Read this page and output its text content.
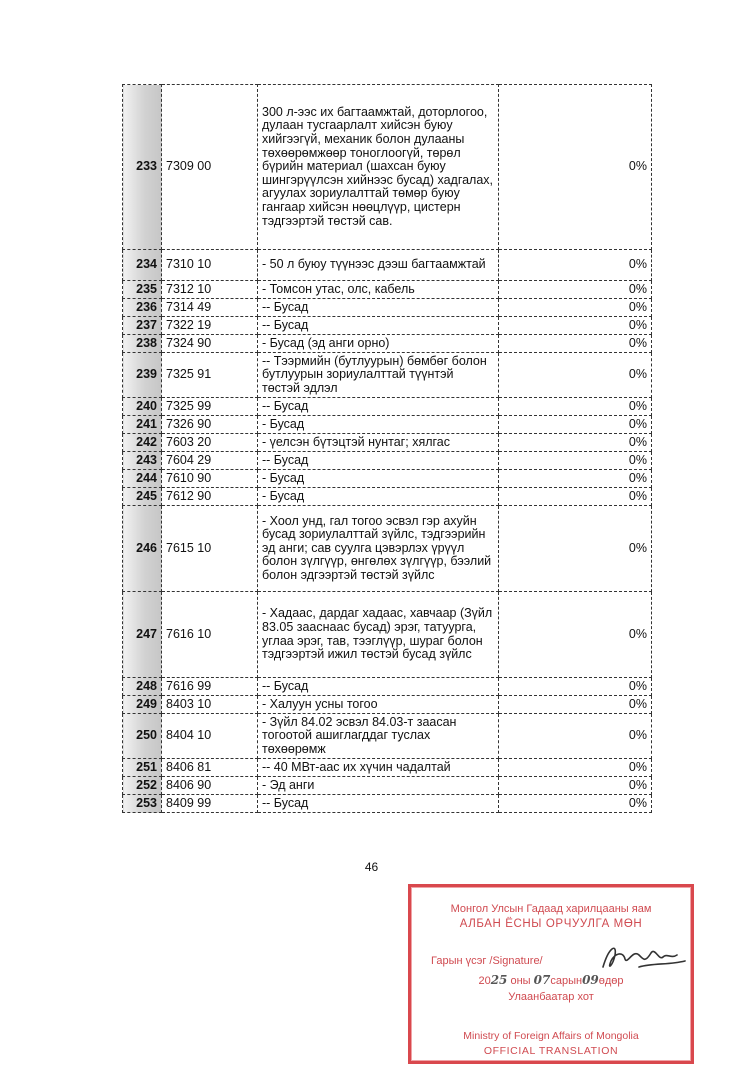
233	7309 00	300 л-ээс их багтаамжтай, доторлогоо, дулаан тусгаарлалт хийсэн буюу хийгээгүй, механик болон дулааны төхөөрөмжөөр тоноглоогүй, төрөл бүрийн материал (шахсан буюу шингэрүүлсэн хийнээс бусад) хадгалах, агуулах зориулалттай төмөр буюу гангаар хийсэн нөөцлүүр, цистерн тэдгээртэй төстэй сав.	0%
234	7310 10	- 50 л буюу түүнээс дээш багтаамжтай	0%
235	7312 10	- Томсон утас, олс, кабель	0%
236	7314 49	-- Бусад	0%
237	7322 19	-- Бусад	0%
238	7324 90	- Бусад (эд анги орно)	0%
239	7325 91	-- Тээрмийн (бутлуурын) бөмбөг болон бутлуурын зориулалттай түүнтэй төстэй эдлэл	0%
240	7325 99	-- Бусад	0%
241	7326 90	- Бусад	0%
242	7603 20	- үелсэн бүтэцтэй нунтаг; хялгас	0%
243	7604 29	-- Бусад	0%
244	7610 90	- Бусад	0%
245	7612 90	- Бусад	0%
246	7615 10	- Хоол унд, гал тогоо эсвэл гэр ахуйн бусад зориулалттай зүйлс, тэдгээрийн эд анги; сав суулга цэвэрлэх үрүүл болон зүлгүүр, өнгөлөх зүлгүүр, бээлий болон эдгээртэй төстэй зүйлс	0%
247	7616 10	- Хадаас, дардаг хадаас, хавчаар (Зүйл 83.05 зааснаас бусад) эрэг, татуурга, углаа эрэг, тав, тээглүүр, шураг болон тэдгээртэй ижил төстэй бусад зүйлс	0%
248	7616 99	-- Бусад	0%
249	8403 10	- Халуун усны тогоо	0%
250	8404 10	- Зүйл 84.02 эсвэл 84.03-т заасан тогоотой ашиглагддаг туслах төхөөрөмж	0%
251	8406 81	-- 40 МВт-аас их хүчин чадалтай	0%
252	8406 90	- Эд анги	0%
253	8409 99	-- Бусад	0%
46
Монгол Улсын Гадаад харилцааны яам
АЛБАН ЁСНЫ ОРЧУУЛГА МӨН
Гарын үсэг /Signature/
2025 оны 07сарын09өдөр
Улаанбаатар хот
Ministry of Foreign Affairs of Mongolia
OFFICIAL TRANSLATION
